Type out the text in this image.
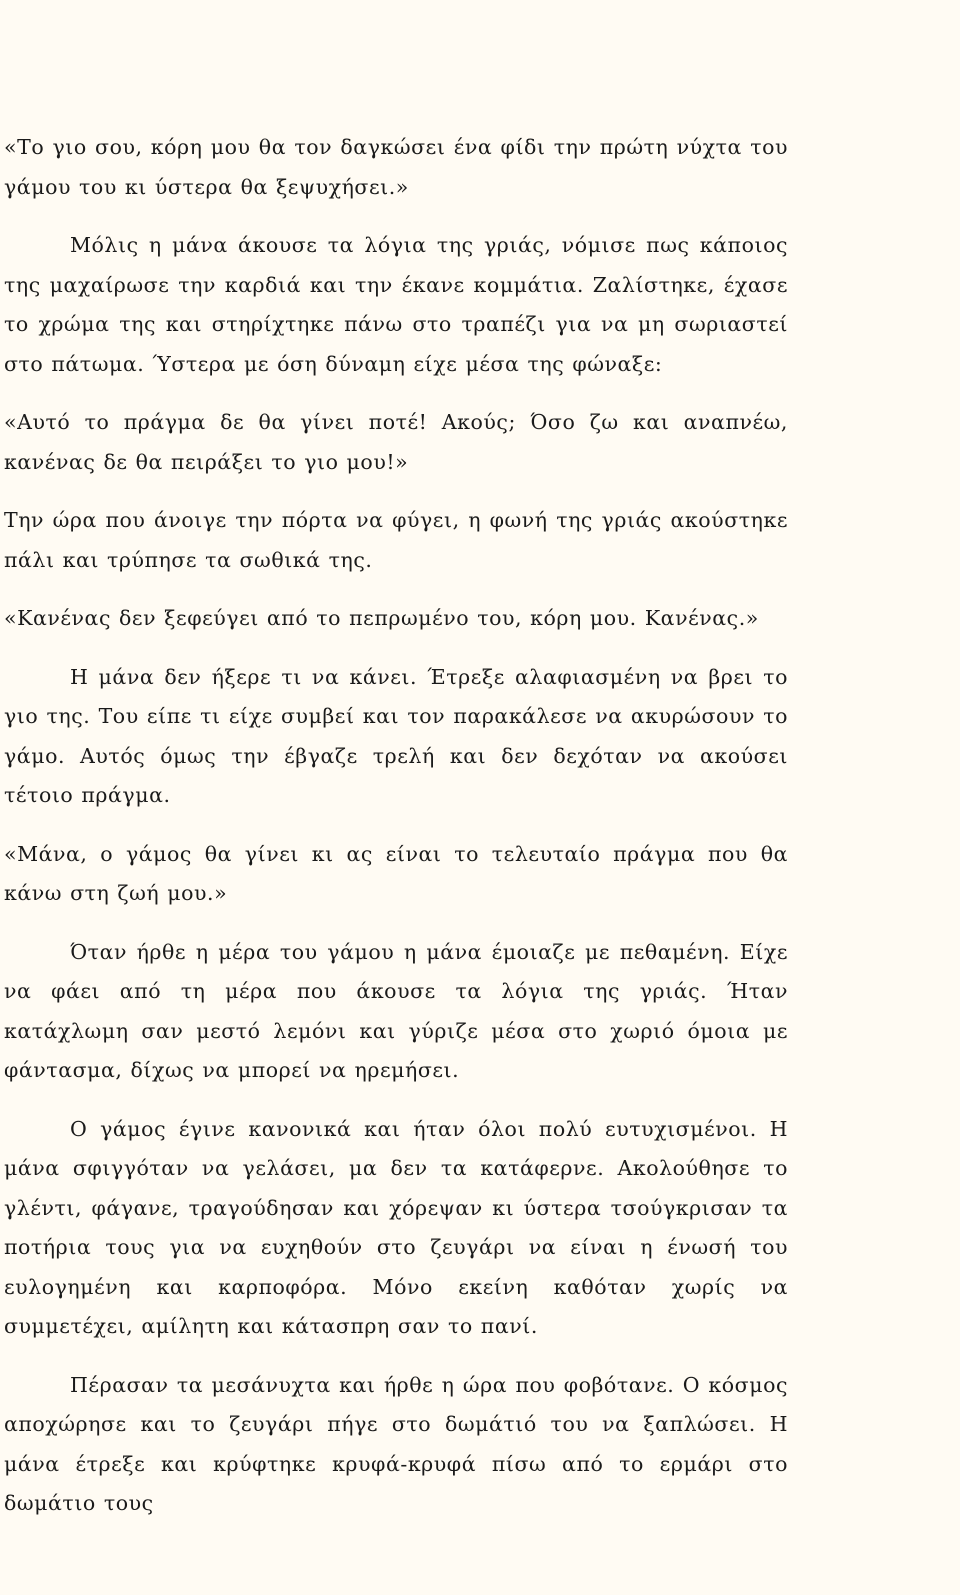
«Το γιο σου, κόρη μου θα τον δαγκώσει ένα φίδι την πρώτη νύχτα του γάμου του κι ύστερα θα ξεψυχήσει.»

Μόλις η μάνα άκουσε τα λόγια της γριάς, νόμισε πως κάποιος της μαχαίρωσε την καρδιά και την έκανε κομμάτια. Ζαλίστηκε, έχασε το χρώμα της και στηρίχτηκε πάνω στο τραπέζι για να μη σωριαστεί στο πάτωμα. Ύστερα με όση δύναμη είχε μέσα της φώναξε:

«Αυτό το πράγμα δε θα γίνει ποτέ! Ακούς; Όσο ζω και αναπνέω, κανένας δε θα πειράξει το γιο μου!»

Την ώρα που άνοιγε την πόρτα να φύγει, η φωνή της γριάς ακούστηκε πάλι και τρύπησε τα σωθικά της.

«Κανένας δεν ξεφεύγει από το πεπρωμένο του, κόρη μου. Κανένας.»

Η μάνα δεν ήξερε τι να κάνει. Έτρεξε αλαφιασμένη να βρει το γιο της. Του είπε τι είχε συμβεί και τον παρακάλεσε να ακυρώσουν το γάμο. Αυτός όμως την έβγαζε τρελή και δεν δεχόταν να ακούσει τέτοιο πράγμα.

«Μάνα, ο γάμος θα γίνει κι ας είναι το τελευταίο πράγμα που θα κάνω στη ζωή μου.»

Όταν ήρθε η μέρα του γάμου η μάνα έμοιαζε με πεθαμένη. Είχε να φάει από τη μέρα που άκουσε τα λόγια της γριάς. Ήταν κατάχλωμη σαν μεστό λεμόνι και γύριζε μέσα στο χωριό όμοια με φάντασμα, δίχως να μπορεί να ηρεμήσει.

Ο γάμος έγινε κανονικά και ήταν όλοι πολύ ευτυχισμένοι. Η μάνα σφιγγόταν να γελάσει, μα δεν τα κατάφερνε. Ακολούθησε το γλέντι, φάγανε, τραγούδησαν και χόρεψαν κι ύστερα τσούγκρισαν τα ποτήρια τους για να ευχηθούν στο ζευγάρι να είναι η ένωσή του ευλογημένη και καρποφόρα. Μόνο εκείνη καθόταν χωρίς να συμμετέχει, αμίλητη και κάτασπρη σαν το πανί.

Πέρασαν τα μεσάνυχτα και ήρθε η ώρα που φοβότανε. Ο κόσμος αποχώρησε και το ζευγάρι πήγε στο δωμάτιό του να ξαπλώσει. Η μάνα έτρεξε και κρύφτηκε κρυφά-κρυφά πίσω από το ερμάρι στο δωμάτιο τους
